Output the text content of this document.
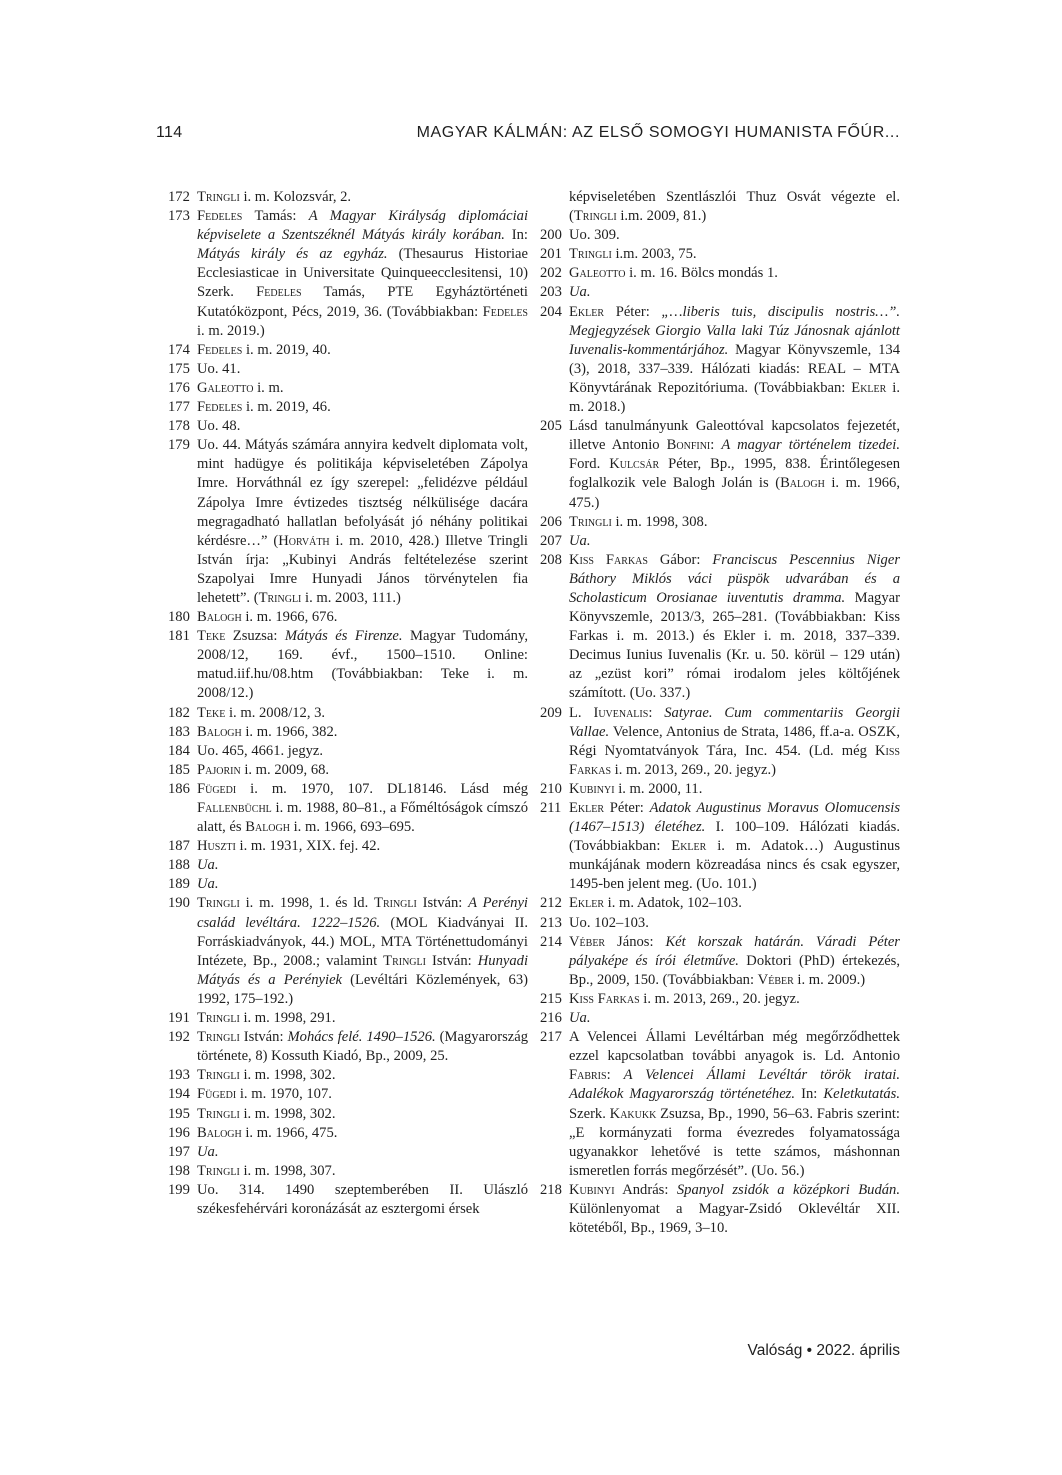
114	MAGYAR KÁLMÁN: AZ ELSŐ SOMOGYI HUMANISTA FŐÚR...
172 Tringli i. m. Kolozsvár, 2.
173 Fedeles Tamás: A Magyar Királyság diplomáciai képviselete a Szentszéknél Mátyás király korában. In: Mátyás király és az egyház. (Thesaurus Historiae Ecclesiasticae in Universitate Quinqueecclesitensi, 10) Szerk. Fedeles Tamás, PTE Egyháztörténeti Kutatóközpont, Pécs, 2019, 36. (Továbbiakban: Fedeles i. m. 2019.)
174 Fedeles i. m. 2019, 40.
175 Uo. 41.
176 Galeotto i. m.
177 Fedeles i. m. 2019, 46.
178 Uo. 48.
179 Uo. 44. Mátyás számára annyira kedvelt diplomata volt, mint hadügye és politikája képviseletében Zápolya Imre. Horváthnál ez így szerepel: „felidézve például Zápolya Imre évtizedes tisztség nélkülisége dacára megragadható hallatlan befolyását jó néhány politikai kérdésre…” (Horváth i. m. 2010, 428.) Illetve Tringli István írja: „Kubinyi András feltételezése szerint Szapolyai Imre Hunyadi János törvénytelen fia lehetett”. (Tringli i. m. 2003, 111.)
180 Balogh i. m. 1966, 676.
181 Teke Zsuzsa: Mátyás és Firenze. Magyar Tudomány, 2008/12, 169. évf., 1500–1510. Online: matud.iif.hu/08.htm (Továbbiakban: Teke i. m. 2008/12.)
182 Teke i. m. 2008/12, 3.
183 Balogh i. m. 1966, 382.
184 Uo. 465, 4661. jegyz.
185 Pajorin i. m. 2009, 68.
186 Fügedi i. m. 1970, 107. DL18146. Lásd még Fallenbüchl i. m. 1988, 80–81., a Főméltóságok címszó alatt, és Balogh i. m. 1966, 693–695.
187 Huszti i. m. 1931, XIX. fej. 42.
188 Ua.
189 Ua.
190 Tringli i. m. 1998, 1. és ld. Tringli István: A Perényi család levéltára. 1222–1526. (MOL Kiadványai II. Forráskiadványok, 44.) MOL, MTA Történettudományi Intézete, Bp., 2008.; valamint Tringli István: Hunyadi Mátyás és a Perényiek (Levéltári Közlemények, 63) 1992, 175–192.)
191 Tringli i. m. 1998, 291.
192 Tringli István: Mohács felé. 1490–1526. (Magyarország története, 8) Kossuth Kiadó, Bp., 2009, 25.
193 Tringli i. m. 1998, 302.
194 Fügedi i. m. 1970, 107.
195 Tringli i. m. 1998, 302.
196 Balogh i. m. 1966, 475.
197 Ua.
198 Tringli i. m. 1998, 307.
199 Uo. 314. 1490 szeptemberében II. Ulászló székesfehérvári koronázását az esztergomi érsek
képviseletében Szentlászlói Thuz Osvát végezte el. (Tringli i.m. 2009, 81.)
200 Uo. 309.
201 Tringli i.m. 2003, 75.
202 Galeotto i. m. 16. Bölcs mondás 1.
203 Ua.
204 Ekler Péter: „…liberis tuis, discipulis nostris…”. Megjegyzések Giorgio Valla laki Túz Jánosnak ajánlott Iuvenalis-kommentárjához. Magyar Könyvszemle, 134 (3), 2018, 337–339. Hálózati kiadás: REAL – MTA Könyvtárának Repozitóriuma. (Továbbiakban: Ekler i. m. 2018.)
205 Lásd tanulmányunk Galeottóval kapcsolatos fejezetét, illetve Antonio Bonfini: A magyar történelem tizedei. Ford. Kulcsár Péter, Bp., 1995, 838. Érintőlegesen foglalkozik vele Balogh Jolán is (Balogh i. m. 1966, 475.)
206 Tringli i. m. 1998, 308.
207 Ua.
208 Kiss Farkas Gábor: Franciscus Pescennius Niger Báthory Miklós váci püspök udvarában és a Scholasticum Orosianae iuventutis dramma. Magyar Könyvszemle, 2013/3, 265–281. (Továbbiakban: Kiss Farkas i. m. 2013.) és Ekler i. m. 2018, 337–339. Decimus Iunius Iuvenalis (Kr. u. 50. körül – 129 után) az „ezüst kori” római irodalom jeles költőjének számított. (Uo. 337.)
209 L. Iuvenalis: Satyrae. Cum commentariis Georgii Vallae. Velence, Antonius de Strata, 1486, ff.a-a. OSZK, Régi Nyomtatványok Tára, Inc. 454. (Ld. még Kiss Farkas i. m. 2013, 269., 20. jegyz.)
210 Kubinyi i. m. 2000, 11.
211 Ekler Péter: Adatok Augustinus Moravus Olomucensis (1467–1513) életéhez. I. 100–109. Hálózati kiadás. (Továbbiakban: Ekler i. m. Adatok…) Augustinus munkájának modern közreadása nincs és csak egyszer, 1495-ben jelent meg. (Uo. 101.)
212 Ekler i. m. Adatok, 102–103.
213 Uo. 102–103.
214 Véber János: Két korszak határán. Váradi Péter pályaképe és írói életműve. Doktori (PhD) értekezés, Bp., 2009, 150. (Továbbiakban: Véber i. m. 2009.)
215 Kiss Farkas i. m. 2013, 269., 20. jegyz.
216 Ua.
217 A Velencei Állami Levéltárban még megőrződhettek ezzel kapcsolatban további anyagok is. Ld. Antonio Fabris: A Velencei Állami Levéltár török iratai. Adalékok Magyarország történetéhez. In: Keletkutatás. Szerk. Kakukk Zsuzsa, Bp., 1990, 56–63. Fabris szerint: „E kormányzati forma évezredes folyamatossága ugyanakkor lehetővé is tette számos, máshonnan ismeretlen forrás megőrzését”. (Uo. 56.)
218 Kubinyi András: Spanyol zsidók a középkori Budán. Különlenyomat a Magyar-Zsidó Oklevéltár XII. kötetéből, Bp., 1969, 3–10.
Valóság • 2022. április
